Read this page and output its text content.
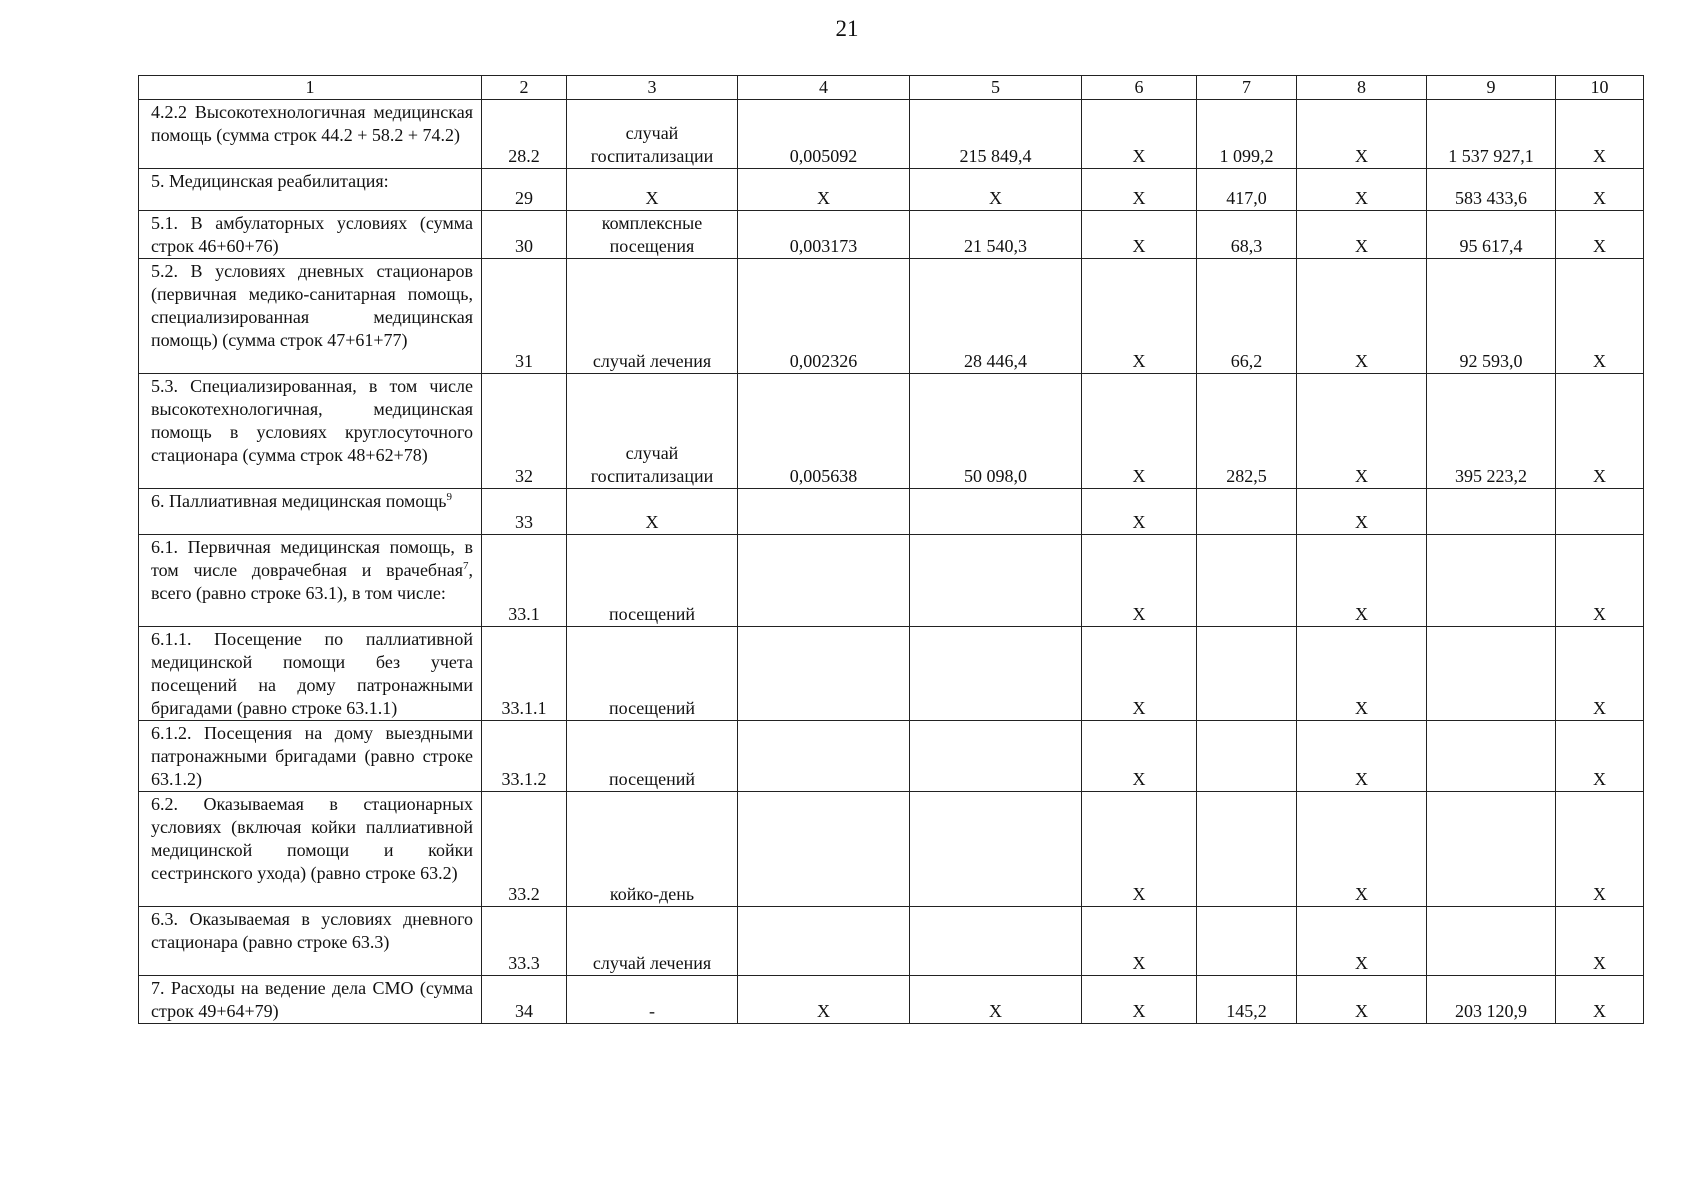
21
1	2	3	4	5	6	7	8	9	10
4.2.2 Высокотехнологичная медицинская помощь (сумма строк 44.2 + 58.2 + 74.2)	28.2	случай госпитализации	0,005092	215 849,4	Х	1 099,2	Х	1 537 927,1	Х
5. Медицинская реабилитация:	29	Х	Х	Х	Х	417,0	Х	583 433,6	Х
5.1. В амбулаторных условиях (сумма строк 46+60+76)	30	комплексные посещения	0,003173	21 540,3	Х	68,3	Х	95 617,4	Х
5.2. В условиях дневных стационаров (первичная медико-санитарная помощь, специализированная медицинская помощь) (сумма строк 47+61+77)	31	случай лечения	0,002326	28 446,4	Х	66,2	Х	92 593,0	Х
5.3. Специализированная, в том числе высокотехнологичная, медицинская помощь в условиях круглосуточного стационара (сумма строк 48+62+78)	32	случай госпитализации	0,005638	50 098,0	Х	282,5	Х	395 223,2	Х
6. Паллиативная медицинская помощь$^9$	33	Х			Х		Х		
6.1. Первичная медицинская помощь, в том числе доврачебная и врачебная$^7$, всего (равно строке 63.1), в том числе:	33.1	посещений			Х		Х		Х
6.1.1. Посещение по паллиативной медицинской помощи без учета посещений на дому патронажными бригадами (равно строке 63.1.1)	33.1.1	посещений			Х		Х		Х
6.1.2. Посещения на дому выездными патронажными бригадами (равно строке 63.1.2)	33.1.2	посещений			Х		Х		Х
6.2. Оказываемая в стационарных условиях (включая койки паллиативной медицинской помощи и койки сестринского ухода) (равно строке 63.2)	33.2	койко-день			Х		Х		Х
6.3. Оказываемая в условиях дневного стационара (равно строке 63.3)	33.3	случай лечения			Х		Х		Х
7. Расходы на ведение дела СМО (сумма строк 49+64+79)	34	-	Х	Х	Х	145,2	Х	203 120,9	Х
